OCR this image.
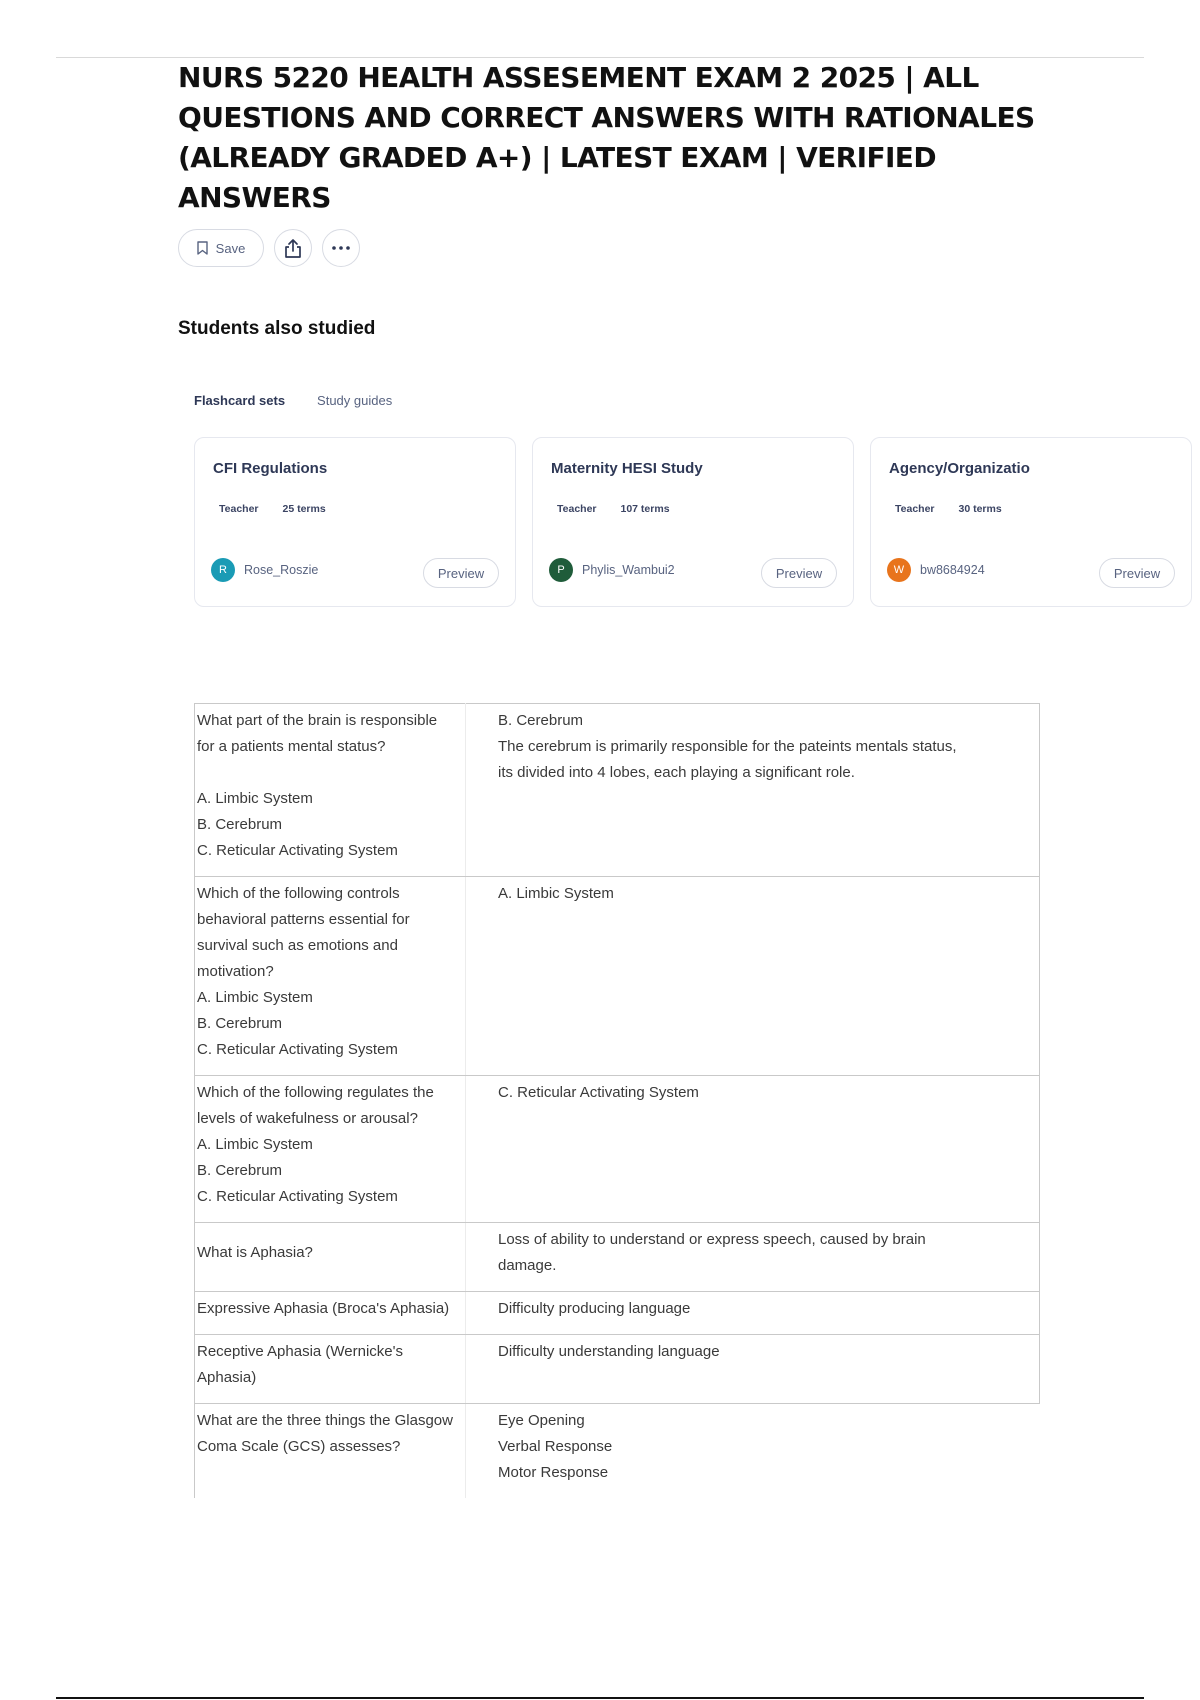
NURS 5220 HEALTH ASSESEMENT EXAM 2 2025 | ALL QUESTIONS AND CORRECT ANSWERS WITH RATIONALES (ALREADY GRADED A+) | LATEST EXAM | VERIFIED ANSWERS
Save
Students also studied
Flashcard sets Study guides
CFI Regulations
Teacher 25 terms
R	Rose_Roszie	Preview
Maternity HESI Study
Teacher 107 terms
P	Phylis_Wambui2	Preview
Agency/Organizatio
Teacher 30 terms
W	bw8684924	Preview
What part of the brain is responsible for a patients mental status?

A. Limbic System
B. Cerebrum
C. Reticular Activating System	B. Cerebrum
The cerebrum is primarily responsible for the pateints mentals status, its divided into 4 lobes, each playing a significant role.

Which of the following controls behavioral patterns essential for survival such as emotions and motivation?
A. Limbic System
B. Cerebrum
C. Reticular Activating System	A. Limbic System

Which of the following regulates the levels of wakefulness or arousal?
A. Limbic System
B. Cerebrum
C. Reticular Activating System	C. Reticular Activating System

What is Aphasia?	Loss of ability to understand or express speech, caused by brain damage.

Expressive Aphasia (Broca's Aphasia)	Difficulty producing language

Receptive Aphasia (Wernicke's Aphasia)	Difficulty understanding language

What are the three things the Glasgow Coma Scale (GCS) assesses?	Eye Opening
Verbal Response
Motor Response
